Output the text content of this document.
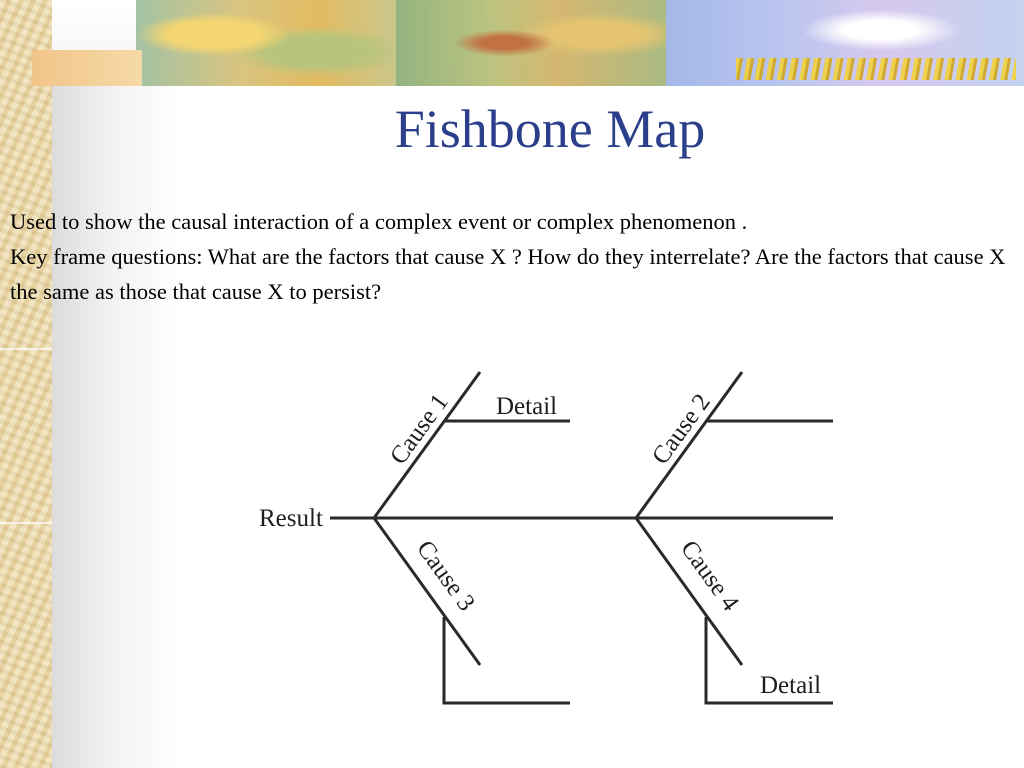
Fishbone Map

Used to show the causal interaction of a complex event or complex phenomenon .

Key frame questions: What are the factors that cause X ? How do they interrelate? Are the factors that cause X the same as those that cause X to persist?

Result
Cause 1	Cause 2
Cause 3	Cause 4
Detail
Detail
